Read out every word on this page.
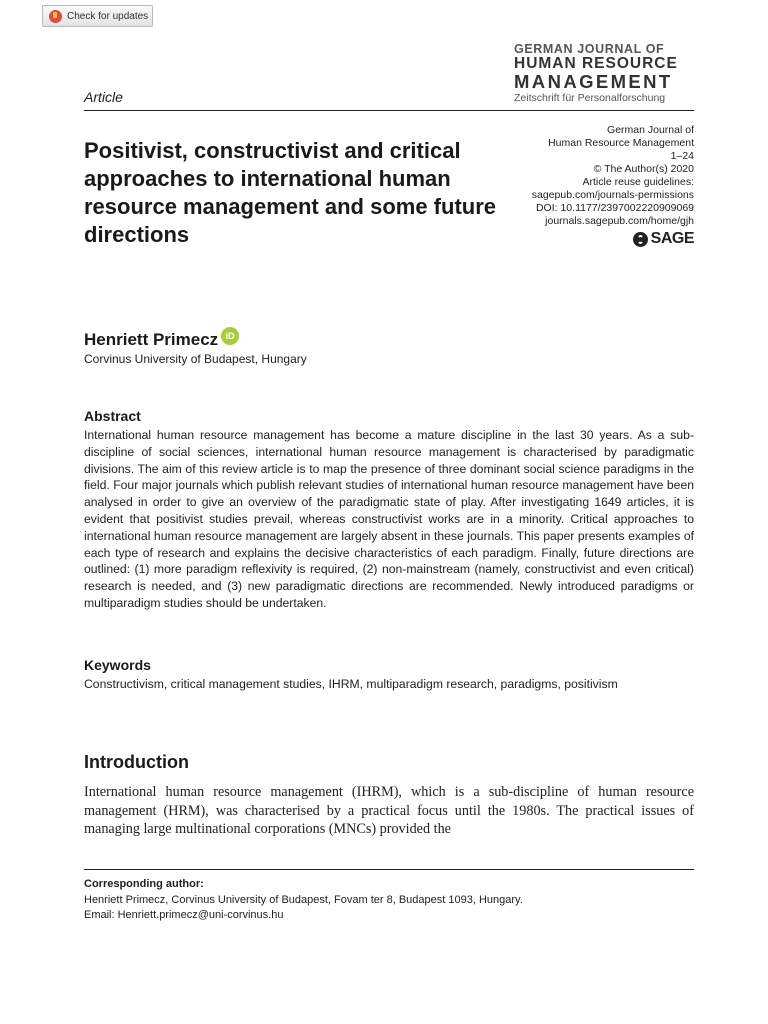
Check for updates
GERMAN JOURNAL OF
HUMAN RESOURCE
MANAGEMENT
Zeitschrift für Personalforschung
Article
Positivist, constructivist and critical approaches to international human resource management and some future directions
German Journal of
Human Resource Management
1–24
© The Author(s) 2020
Article reuse guidelines:
sagepub.com/journals-permissions
DOI: 10.1177/2397002220909069
journals.sagepub.com/home/gjh
SAGE
Henriett Primecz iD
Corvinus University of Budapest, Hungary
Abstract
International human resource management has become a mature discipline in the last 30 years. As a sub-discipline of social sciences, international human resource management is characterised by paradigmatic divisions. The aim of this review article is to map the presence of three dominant social science paradigms in the field. Four major journals which publish relevant studies of international human resource management have been analysed in order to give an overview of the paradigmatic state of play. After investigating 1649 articles, it is evident that positivist studies prevail, whereas constructivist works are in a minority. Critical approaches to international human resource management are largely absent in these journals. This paper presents examples of each type of research and explains the decisive characteristics of each paradigm. Finally, future directions are outlined: (1) more paradigm reflexivity is required, (2) non-mainstream (namely, constructivist and even critical) research is needed, and (3) new paradigmatic directions are recommended. Newly introduced paradigms or multiparadigm studies should be undertaken.
Keywords
Constructivism, critical management studies, IHRM, multiparadigm research, paradigms, positivism
Introduction
International human resource management (IHRM), which is a sub-discipline of human resource management (HRM), was characterised by a practical focus until the 1980s. The practical issues of managing large multinational corporations (MNCs) provided the
Corresponding author:
Henriett Primecz, Corvinus University of Budapest, Fovam ter 8, Budapest 1093, Hungary.
Email: Henriett.primecz@uni-corvinus.hu
